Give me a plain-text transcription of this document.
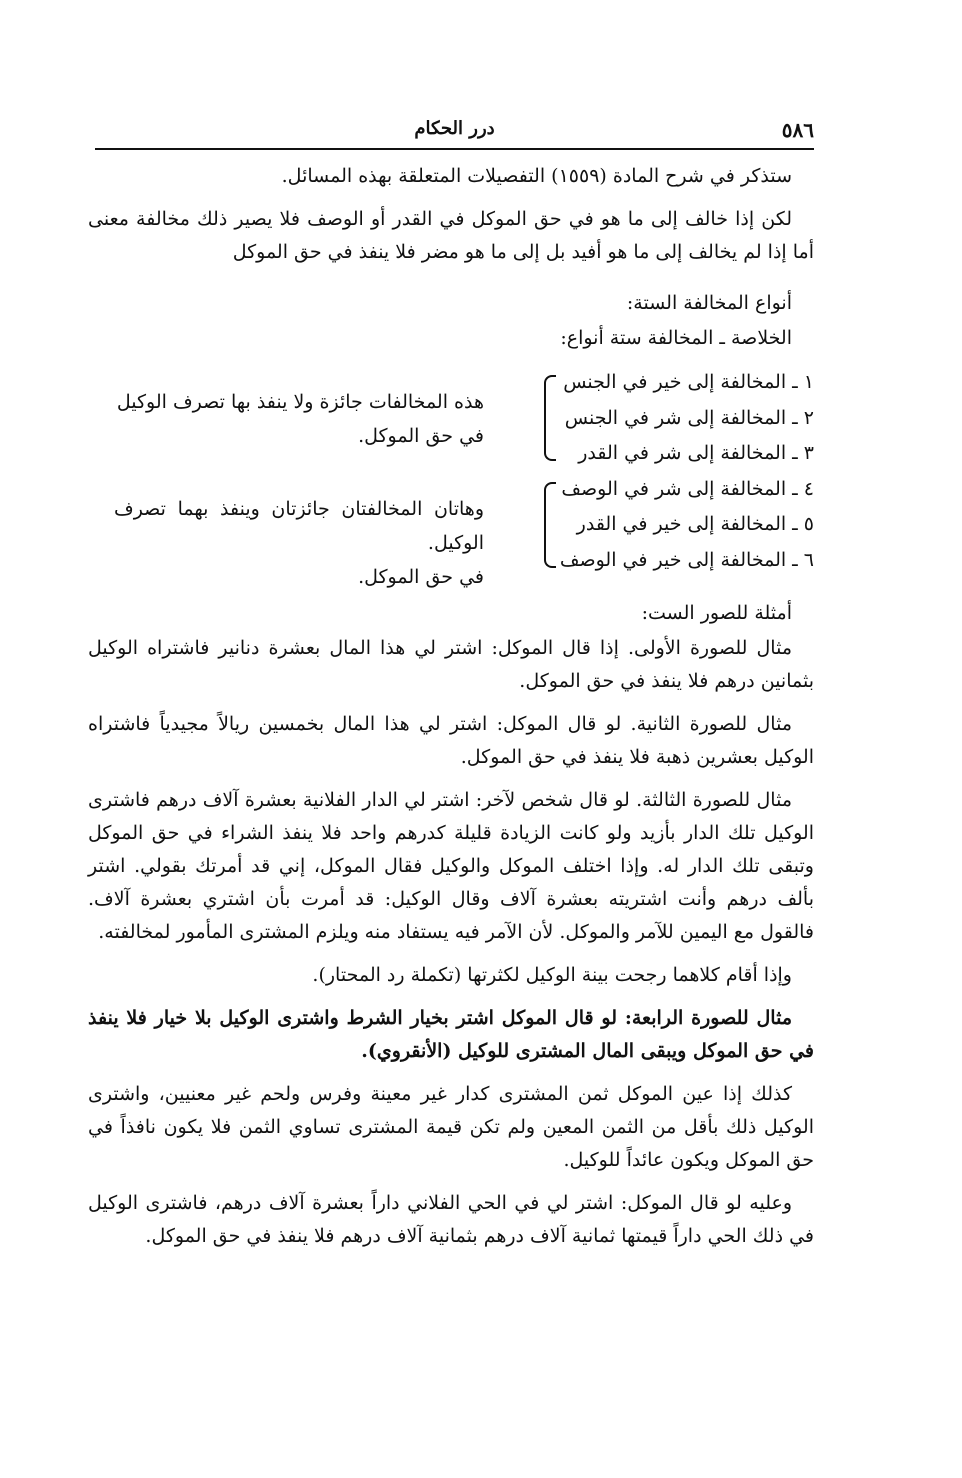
٥٨٦
درر الحكام

ستذكر في شرح المادة (١٥٥٩) التفصيلات المتعلقة بهذه المسائل.

لكن إذا خالف إلى ما هو في حق الموكل في القدر أو الوصف فلا يصير ذلك مخالفة معنى أما إذا لم يخالف إلى ما هو أفيد بل إلى ما هو مضر فلا ينفذ في حق الموكل

أنواع المخالفة الستة:

الخلاصة ـ المخالفة ستة أنواع:

١ ـ المخالفة إلى خير في الجنس
٢ ـ المخالفة إلى شر في الجنس
٣ ـ المخالفة إلى شر في القدر
٤ ـ المخالفة إلى شر في الوصف
٥ ـ المخالفة إلى خير في القدر
٦ ـ المخالفة إلى خير في الوصف
هذه المخالفات جائزة ولا ينفذ بها تصرف الوكيل
في حق الموكل.
وهاتان المخالفتان جائزتان وينفذ بهما تصرف الوكيل.
في حق الموكل.

أمثلة للصور الست:

مثال للصورة الأولى. إذا قال الموكل: اشتر لي هذا المال بعشرة دنانير فاشتراه الوكيل بثمانين درهم فلا ينفذ في حق الموكل.

مثال للصورة الثانية. لو قال الموكل: اشتر لي هذا المال بخمسين ريالاً مجيدياً فاشتراه الوكيل بعشرين ذهبة فلا ينفذ في حق الموكل.

مثال للصورة الثالثة. لو قال شخص لآخر: اشتر لي الدار الفلانية بعشرة آلاف درهم فاشترى الوكيل تلك الدار بأزيد ولو كانت الزيادة قليلة كدرهم واحد فلا ينفذ الشراء في حق الموكل وتبقى تلك الدار له. وإذا اختلف الموكل والوكيل فقال الموكل، إني قد أمرتك بقولي. اشتر بألف درهم وأنت اشتريته بعشرة آلاف وقال الوكيل: قد أمرت بأن اشتري بعشرة آلاف. فالقول مع اليمين للآمر والموكل. لأن الآمر فيه يستفاد منه ويلزم المشترى المأمور لمخالفته.

وإذا أقام كلاهما رجحت بينة الوكيل لكثرتها (تكملة رد المحتار).

مثال للصورة الرابعة: لو قال الموكل اشتر بخيار الشرط واشترى الوكيل بلا خيار فلا ينفذ في حق الموكل ويبقى المال المشترى للوكيل (الأنقروي).

كذلك إذا عين الموكل ثمن المشترى كدار غير معينة وفرس ولحم غير معنيين، واشترى الوكيل ذلك بأقل من الثمن المعين ولم تكن قيمة المشترى تساوي الثمن فلا يكون نافذاً في حق الموكل ويكون عائداً للوكيل.

وعليه لو قال الموكل: اشتر لي في الحي الفلاني داراً بعشرة آلاف درهم، فاشترى الوكيل في ذلك الحي داراً قيمتها ثمانية آلاف درهم بثمانية آلاف درهم فلا ينفذ في حق الموكل.
